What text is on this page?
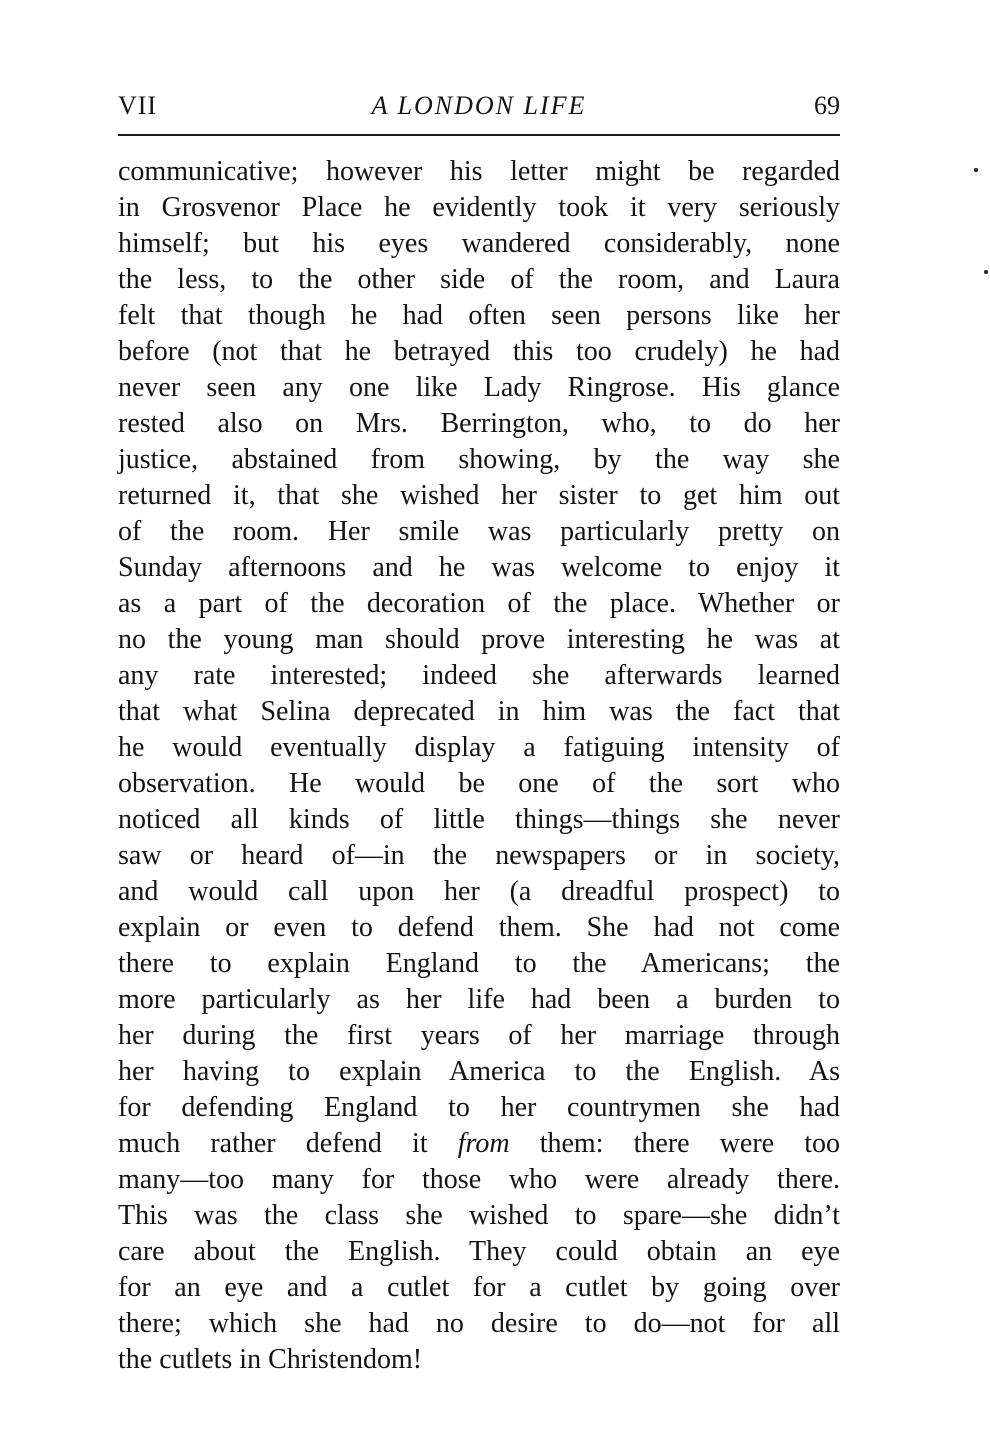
VII	A LONDON LIFE	69
communicative; however his letter might be regarded
in Grosvenor Place he evidently took it very seriously
himself; but his eyes wandered considerably, none
the less, to the other side of the room, and Laura
felt that though he had often seen persons like her
before (not that he betrayed this too crudely) he had
never seen any one like Lady Ringrose. His glance
rested also on Mrs. Berrington, who, to do her
justice, abstained from showing, by the way she
returned it, that she wished her sister to get him out
of the room. Her smile was particularly pretty on
Sunday afternoons and he was welcome to enjoy it
as a part of the decoration of the place. Whether or
no the young man should prove interesting he was at
any rate interested; indeed she afterwards learned
that what Selina deprecated in him was the fact that
he would eventually display a fatiguing intensity of
observation. He would be one of the sort who
noticed all kinds of little things—things she never
saw or heard of—in the newspapers or in society,
and would call upon her (a dreadful prospect) to
explain or even to defend them. She had not come
there to explain England to the Americans; the
more particularly as her life had been a burden to
her during the first years of her marriage through
her having to explain America to the English. As
for defending England to her countrymen she had
much rather defend it from them: there were too
many—too many for those who were already there.
This was the class she wished to spare—she didn’t
care about the English. They could obtain an eye
for an eye and a cutlet for a cutlet by going over
there; which she had no desire to do—not for all
the cutlets in Christendom!
